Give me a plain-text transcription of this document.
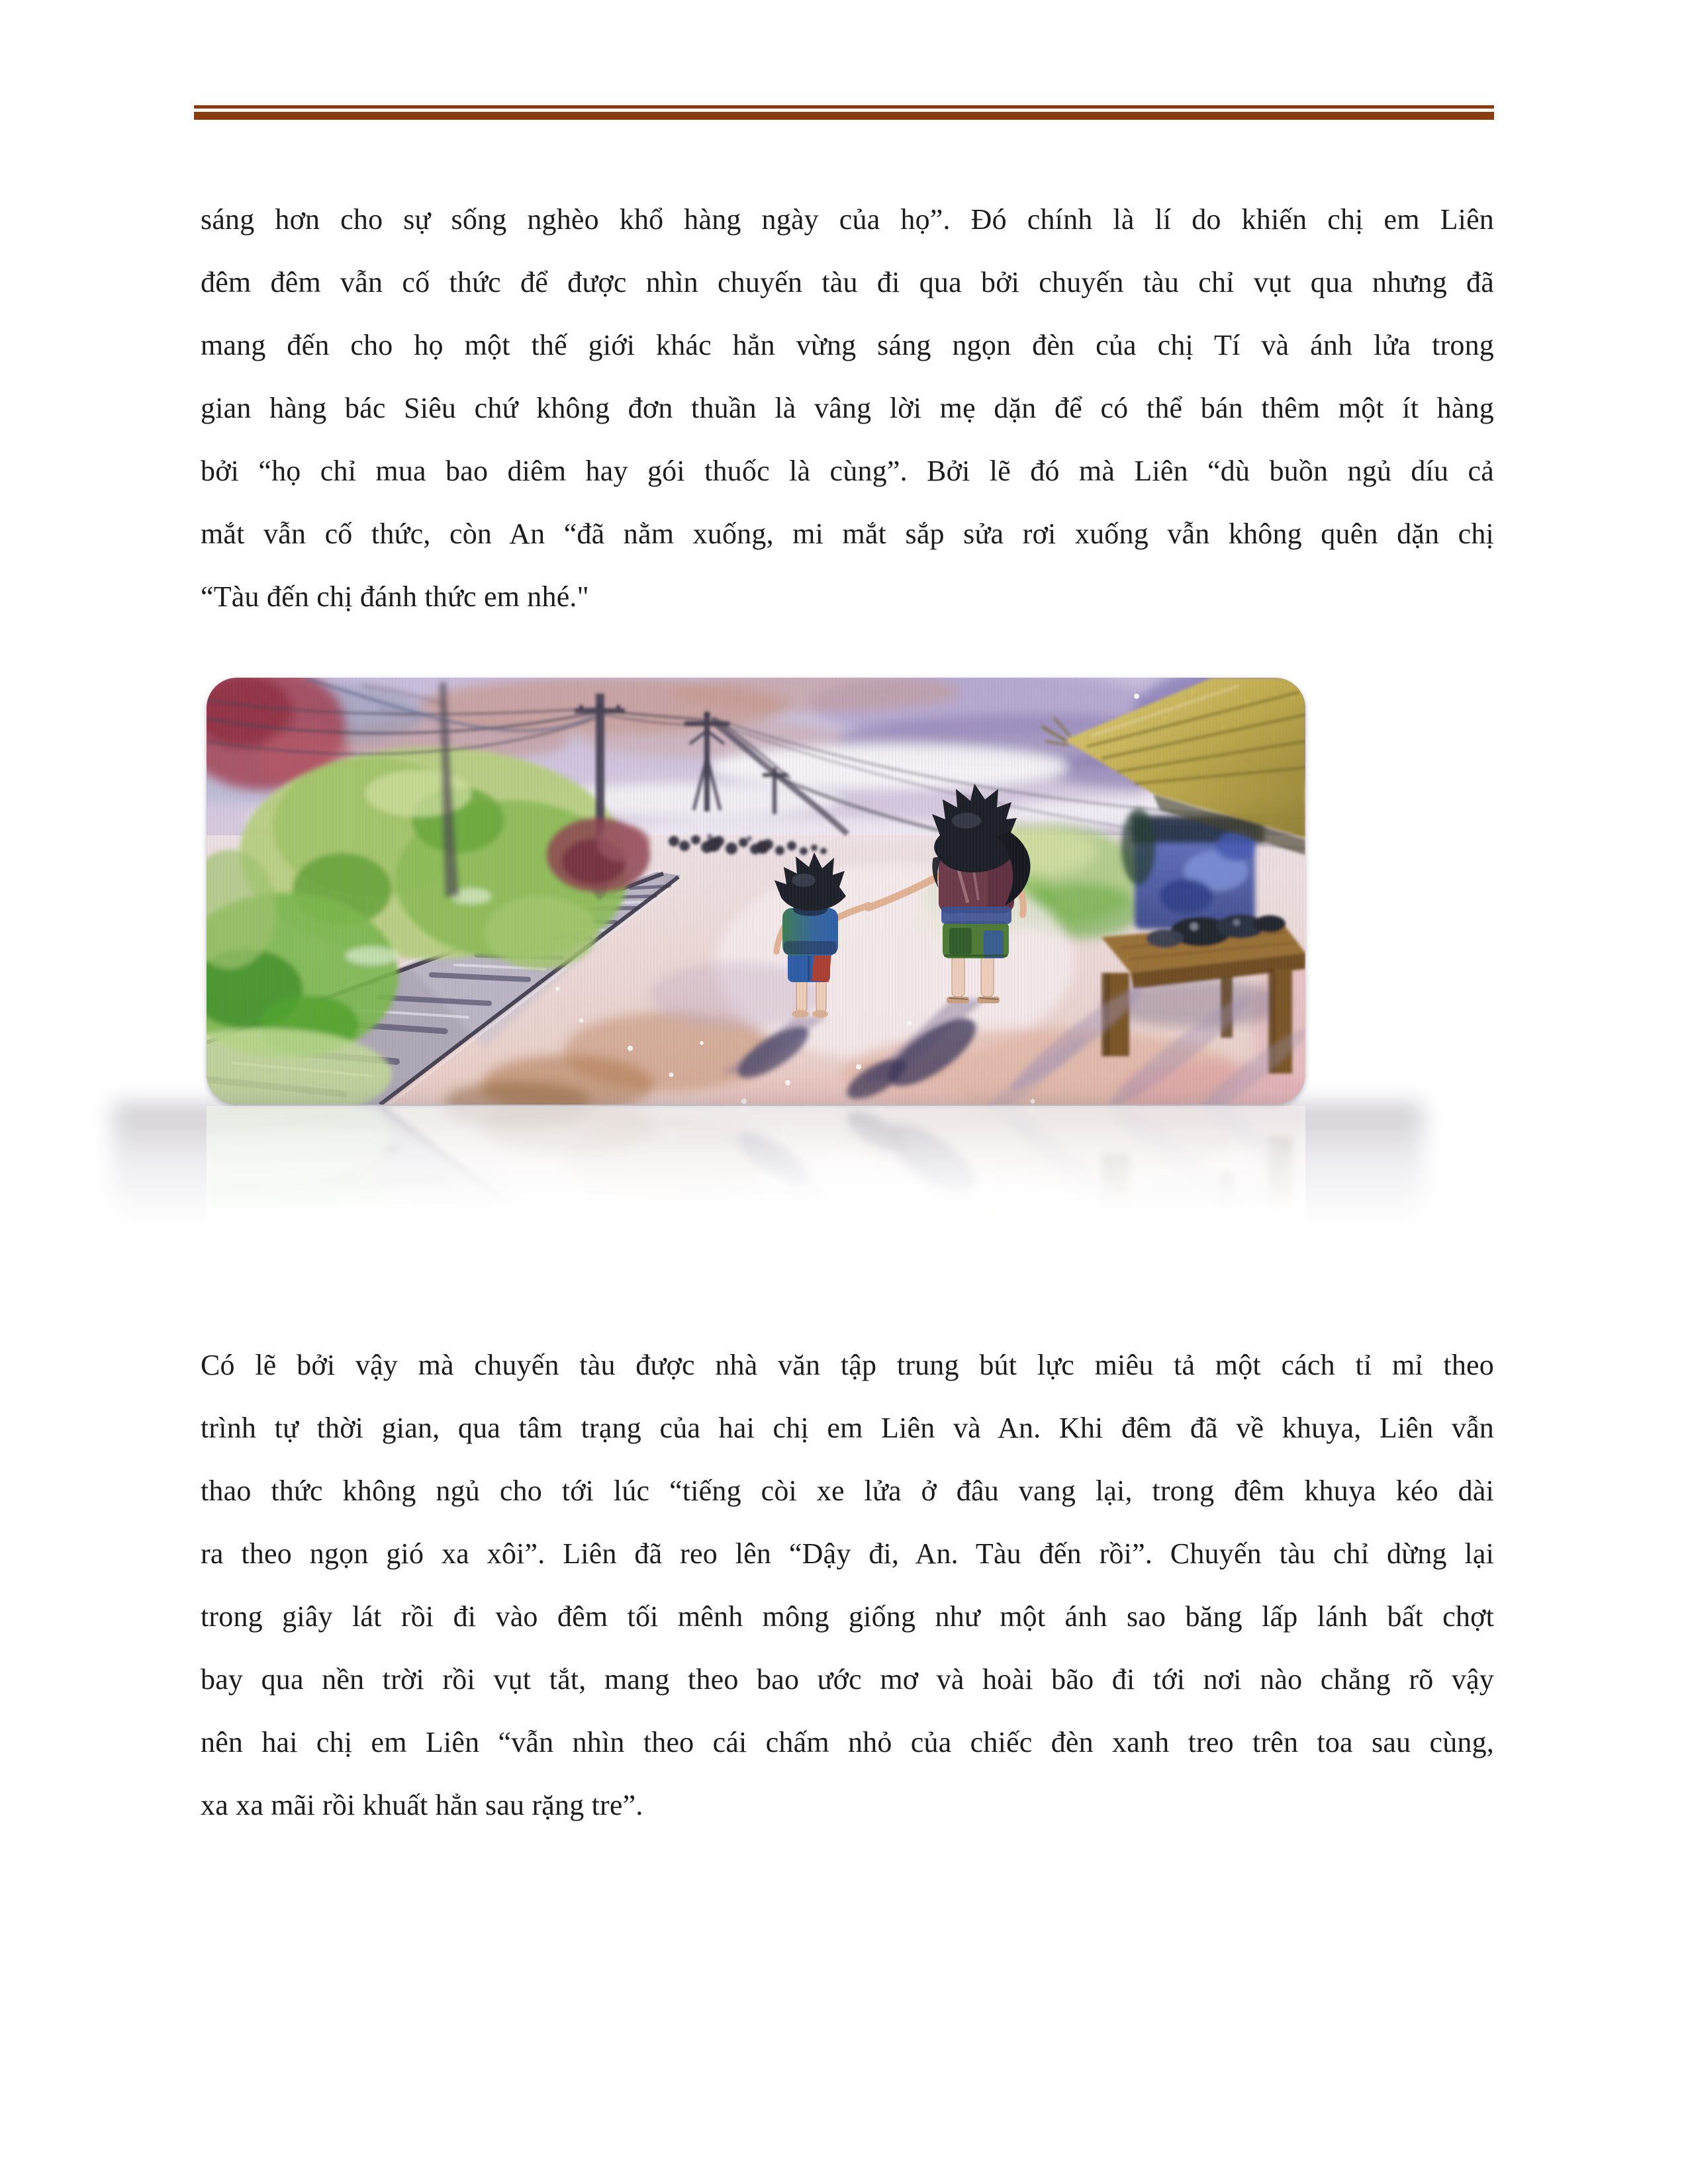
sáng hơn cho sự sống nghèo khổ hàng ngày của họ”. Đó chính là lí do khiến chị em Liên
đêm đêm vẫn cố thức để được nhìn chuyến tàu đi qua bởi chuyến tàu chỉ vụt qua nhưng đã
mang đến cho họ một thế giới khác hẳn vừng sáng ngọn đèn của chị Tí và ánh lửa trong
gian hàng bác Siêu chứ không đơn thuần là vâng lời mẹ dặn để có thể bán thêm một ít hàng
bởi “họ chỉ mua bao diêm hay gói thuốc là cùng”. Bởi lẽ đó mà Liên “dù buồn ngủ díu cả
mắt vẫn cố thức, còn An “đã nằm xuống, mi mắt sắp sửa rơi xuống vẫn không quên dặn chị
“Tàu đến chị đánh thức em nhé."
Có lẽ bởi vậy mà chuyến tàu được nhà văn tập trung bút lực miêu tả một cách tỉ mỉ theo
trình tự thời gian, qua tâm trạng của hai chị em Liên và An. Khi đêm đã về khuya, Liên vẫn
thao thức không ngủ cho tới lúc “tiếng còi xe lửa ở đâu vang lại, trong đêm khuya kéo dài
ra theo ngọn gió xa xôi”. Liên đã reo lên “Dậy đi, An. Tàu đến rồi”. Chuyến tàu chỉ dừng lại
trong giây lát rồi đi vào đêm tối mênh mông giống như một ánh sao băng lấp lánh bất chợt
bay qua nền trời rồi vụt tắt, mang theo bao ước mơ và hoài bão đi tới nơi nào chẳng rõ vậy
nên hai chị em Liên “vẫn nhìn theo cái chấm nhỏ của chiếc đèn xanh treo trên toa sau cùng,
xa xa mãi rồi khuất hẳn sau rặng tre”.
